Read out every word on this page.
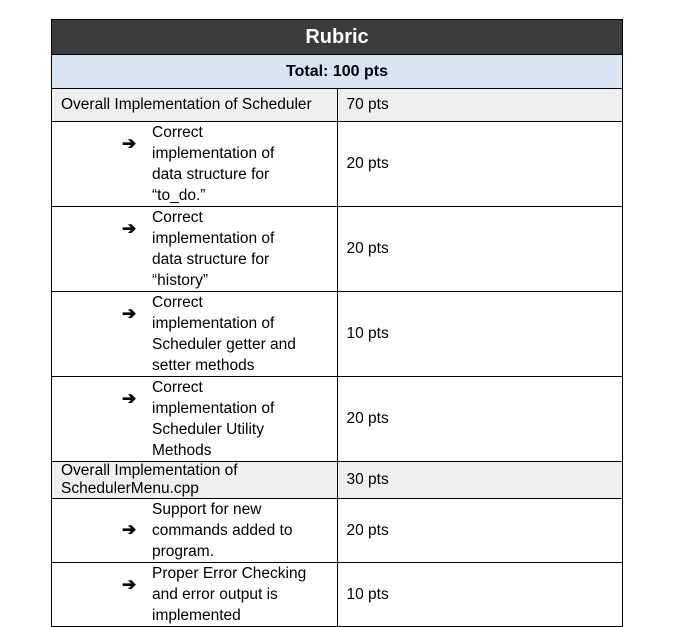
Rubric	
Total: 100 pts	
Overall Implementation of Scheduler	70 pts

➔
Correct implementation of data structure for “to_do.”	20 pts

➔
Correct implementation of data structure for “history”	20 pts

➔
Correct implementation of Scheduler getter and setter methods	10 pts

➔
Correct implementation of Scheduler Utility Methods	20 pts
Overall Implementation of SchedulerMenu.cpp	30 pts

➔
Support for new commands added to program.	20 pts

➔
Proper Error Checking and error output is implemented	10 pts
